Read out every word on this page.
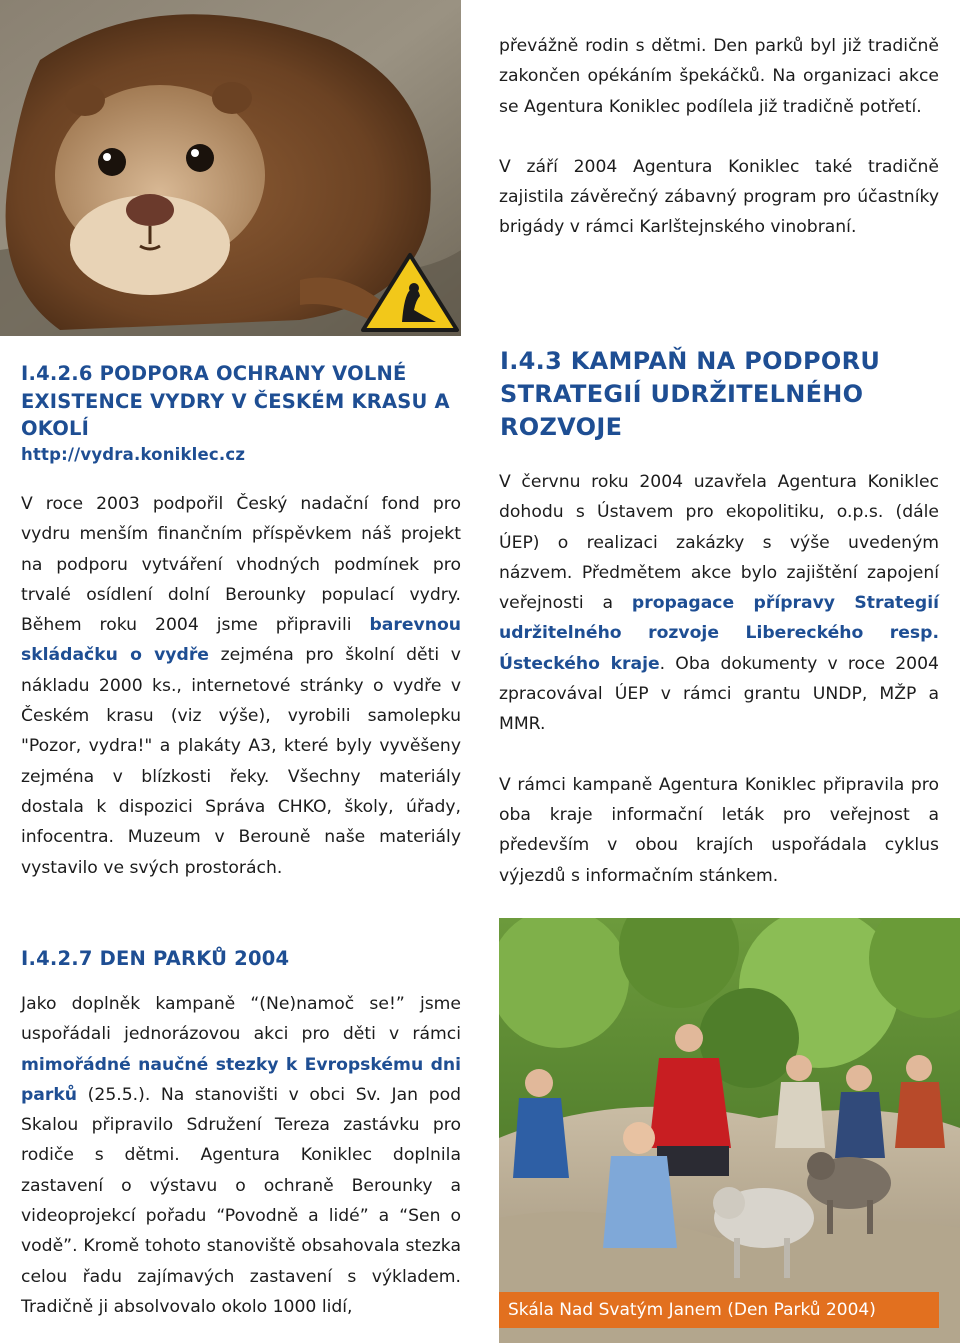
převážně rodin s dětmi. Den parků byl již tradičně zakončen opékáním špekáčků. Na organizaci akce se Agentura Koniklec podílela již tradičně potřetí.

V září 2004 Agentura Koniklec také tradičně zajistila závěrečný zábavný program pro účastníky brigády v rámci Karlštejnského vinobraní.

I.4.2.6 PODPORA OCHRANY VOLNÉ EXISTENCE VYDRY V ČESKÉM KRASU A OKOLÍ
http://vydra.koniklec.cz

V roce 2003 podpořil Český nadační fond pro vydru menším finančním příspěvkem náš projekt na podporu vytváření vhodných podmínek pro trvalé osídlení dolní Berounky populací vydry. Během roku 2004 jsme připravili barevnou skládačku o vydře zejména pro školní děti v nákladu 2000 ks., internetové stránky o vydře v Českém krasu (viz výše), vyrobili samolepku "Pozor, vydra!" a plakáty A3, které byly vyvěšeny zejména v blízkosti řeky. Všechny materiály dostala k dispozici Správa CHKO, školy, úřady, infocentra. Muzeum v Berouně naše materiály vystavilo ve svých prostorách.

I.4.3 KAMPAŇ NA PODPORU STRATEGIÍ UDRŽITELNÉHO ROZVOJE

V červnu roku 2004 uzavřela Agentura Koniklec dohodu s Ústavem pro ekopolitiku, o.p.s. (dále ÚEP) o realizaci zakázky s výše uvedeným názvem. Předmětem akce bylo zajištění zapojení veřejnosti a propagace přípravy Strategií udržitelného rozvoje Libereckého resp. Ústeckého kraje. Oba dokumenty v roce 2004 zpracovával ÚEP v rámci grantu UNDP, MŽP a MMR.

V rámci kampaně Agentura Koniklec připravila pro oba kraje informační leták pro veřejnost a především v obou krajích uspořádala cyklus výjezdů s informačním stánkem.

I.4.2.7 DEN PARKŮ 2004

Jako doplněk kampaně “(Ne)namoč se!” jsme uspořádali jednorázovou akci pro děti v rámci mimořádné naučné stezky k Evropskému dni parků (25.5.). Na stanovišti v obci Sv. Jan pod Skalou připravilo Sdružení Tereza zastávku pro rodiče s dětmi. Agentura Koniklec doplnila zastavení o výstavu o ochraně Berounky a videoprojekcí pořadu “Povodně a lidé” a “Sen o vodě”. Kromě tohoto stanoviště obsahovala stezka celou řadu zajímavých zastavení s výkladem. Tradičně ji absolvovalo okolo 1000 lidí,	Skála Nad Svatým Janem (Den Parků 2004)
